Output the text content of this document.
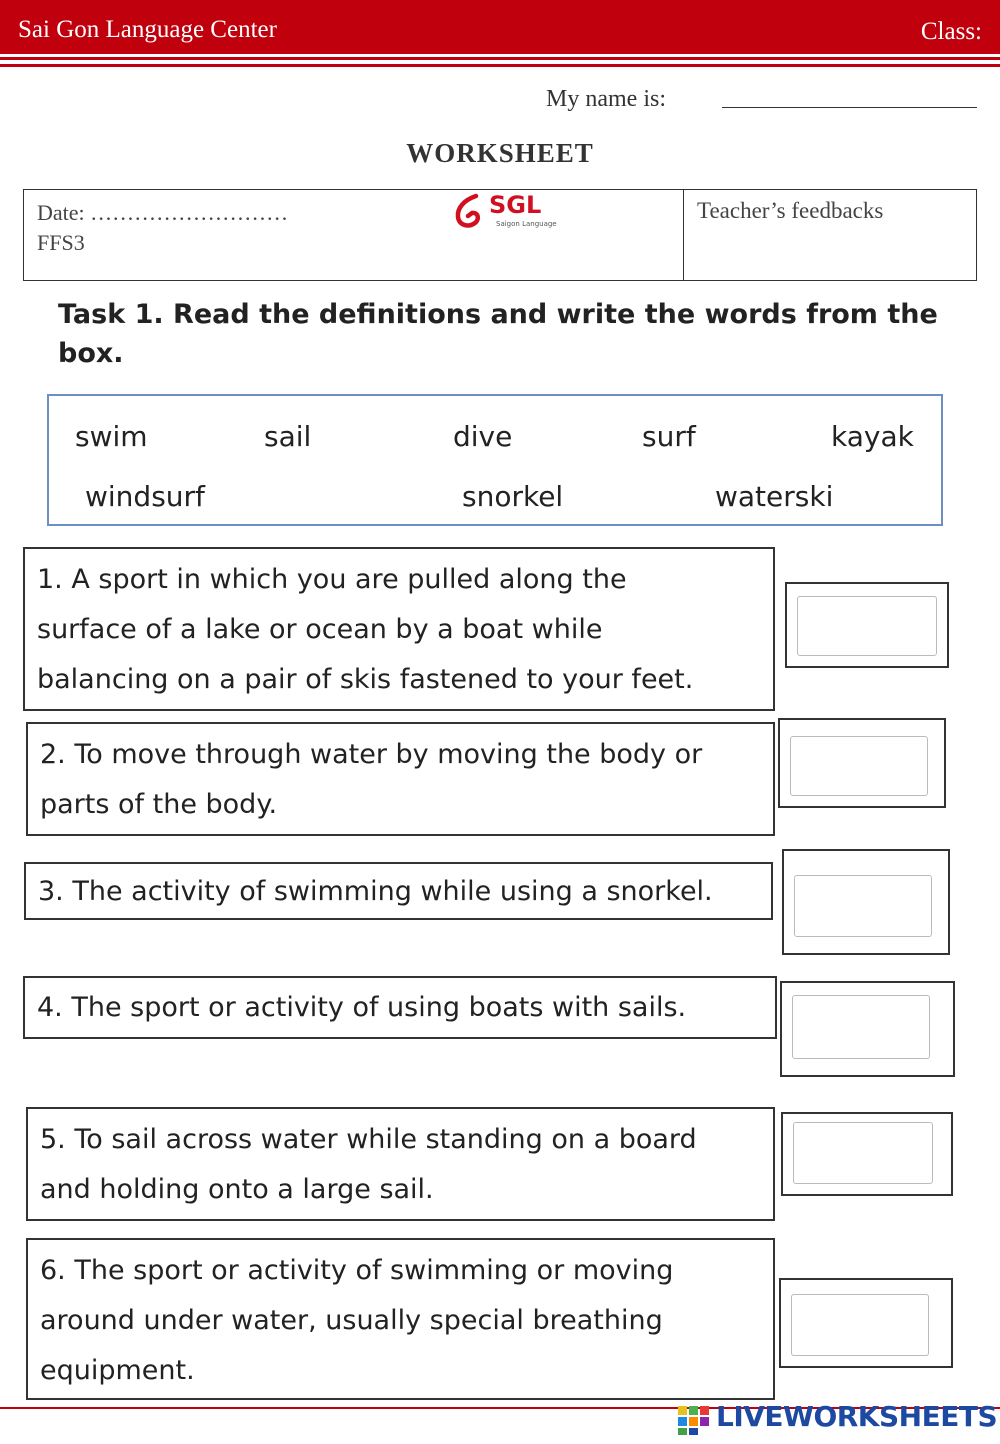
Sai Gon Language Center	Class:
My name is:
WORKSHEET
Date: ………………………
FFS3
SGL
Saigon Language
Teacher’s feedbacks
Task 1. Read the definitions and write the words from the box.
swim	sail	dive	surf	kayak
windsurf	snorkel	waterski
1. A sport in which you are pulled along the
surface of a lake or ocean by a boat while
balancing on a pair of skis fastened to your feet.
2. To move through water by moving the body or
parts of the body.
3. The activity of swimming while using a snorkel.
4. The sport or activity of using boats with sails.
5. To sail across water while standing on a board
and holding onto a large sail.
6. The sport or activity of swimming or moving
around under water, usually special breathing
equipment.
LIVEWORKSHEETS
